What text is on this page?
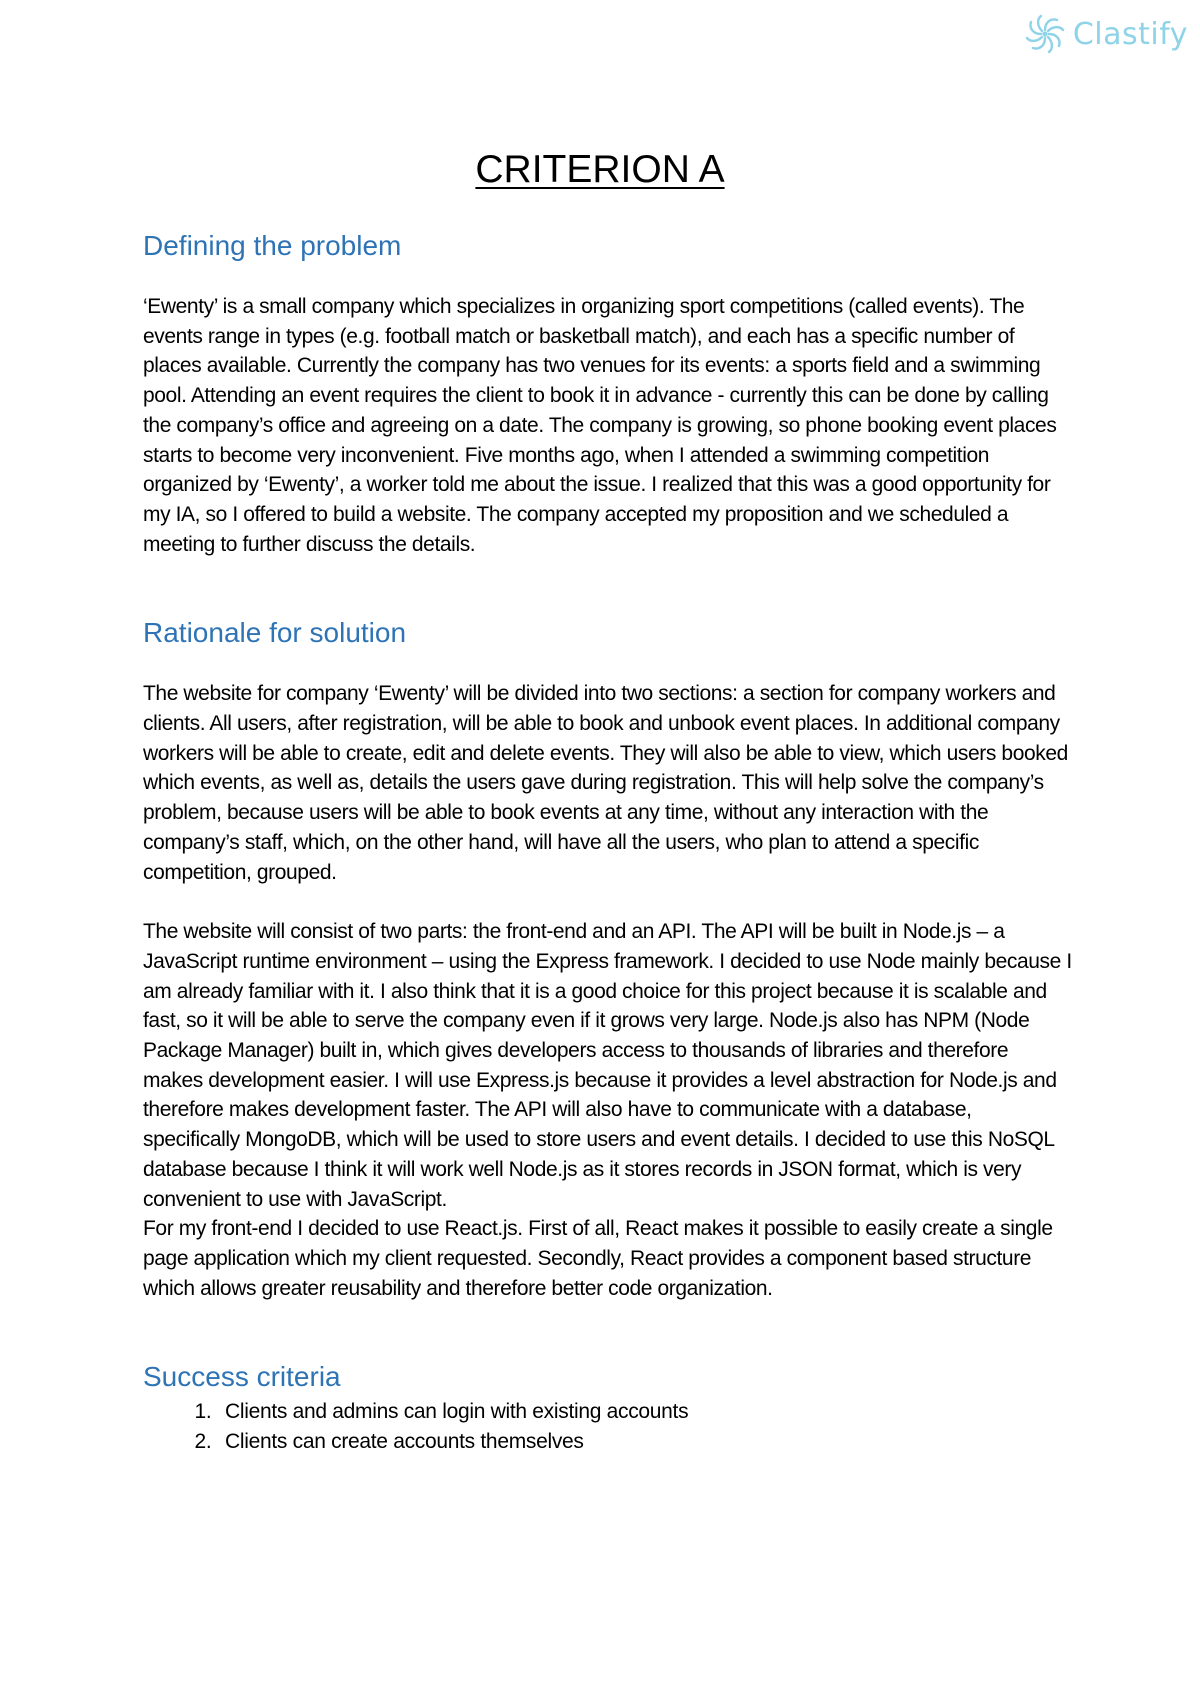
Clastify
CRITERION A
Defining the problem

‘Ewenty’ is a small company which specializes in organizing sport competitions (called events). The events range in types (e.g. football match or basketball match), and each has a specific number of places available. Currently the company has two venues for its events: a sports field and a swimming pool. Attending an event requires the client to book it in advance - currently this can be done by calling the company’s office and agreeing on a date. The company is growing, so phone booking event places starts to become very inconvenient. Five months ago, when I attended a swimming competition organized by ‘Ewenty’, a worker told me about the issue. I realized that this was a good opportunity for my IA, so I offered to build a website. The company accepted my proposition and we scheduled a meeting to further discuss the details.

Rationale for solution

The website for company ‘Ewenty’ will be divided into two sections: a section for company workers and clients. All users, after registration, will be able to book and unbook event places. In additional company workers will be able to create, edit and delete events. They will also be able to view, which users booked which events, as well as, details the users gave during registration. This will help solve the company’s problem, because users will be able to book events at any time, without any interaction with the company’s staff, which, on the other hand, will have all the users, who plan to attend a specific competition, grouped.

The website will consist of two parts: the front-end and an API. The API will be built in Node.js – a JavaScript runtime environment – using the Express framework. I decided to use Node mainly because I am already familiar with it. I also think that it is a good choice for this project because it is scalable and fast, so it will be able to serve the company even if it grows very large. Node.js also has NPM (Node Package Manager) built in, which gives developers access to thousands of libraries and therefore makes development easier. I will use Express.js because it provides a level abstraction for Node.js and therefore makes development faster. The API will also have to communicate with a database, specifically MongoDB, which will be used to store users and event details. I decided to use this NoSQL database because I think it will work well Node.js as it stores records in JSON format, which is very convenient to use with JavaScript.

For my front-end I decided to use React.js. First of all, React makes it possible to easily create a single page application which my client requested. Secondly, React provides a component based structure which allows greater reusability and therefore better code organization.

Success criteria
1. Clients and admins can login with existing accounts
2. Clients can create accounts themselves
